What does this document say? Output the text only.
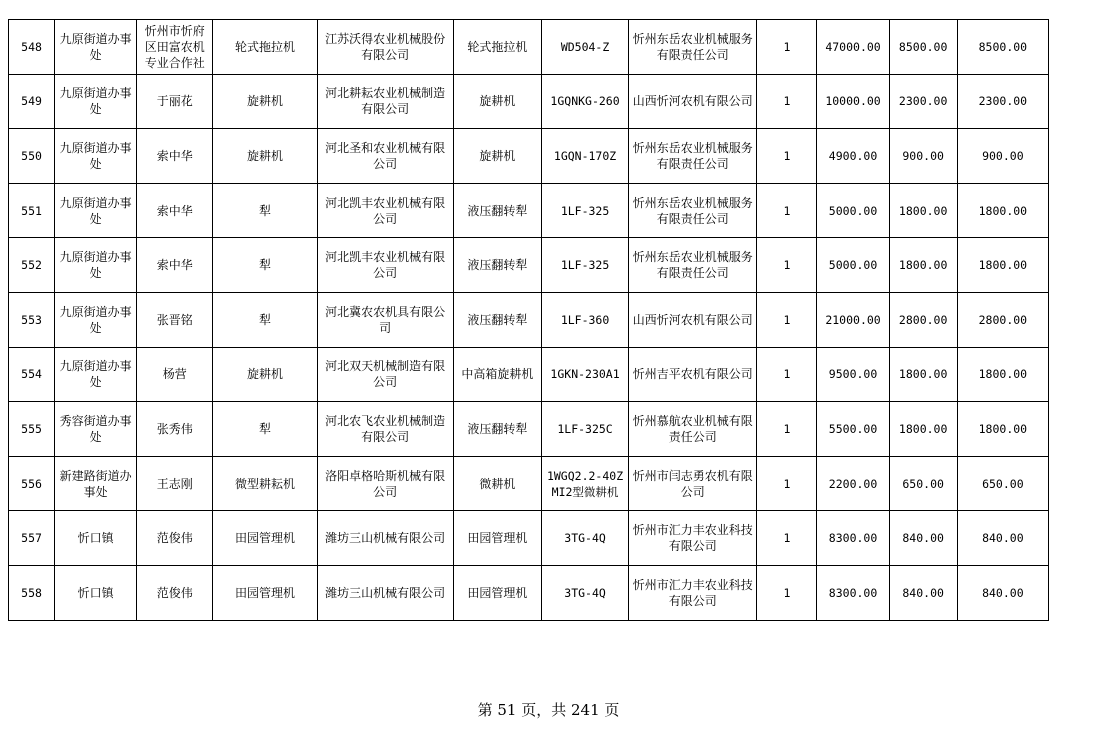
548	九原街道办事处	忻州市忻府区田富农机专业合作社	轮式拖拉机	江苏沃得农业机械股份有限公司	轮式拖拉机	WD504-Z	忻州东岳农业机械服务有限责任公司	1	47000.00	8500.00	8500.00
549	九原街道办事处	于丽花	旋耕机	河北耕耘农业机械制造有限公司	旋耕机	1GQNKG-260	山西忻河农机有限公司	1	10000.00	2300.00	2300.00
550	九原街道办事处	索中华	旋耕机	河北圣和农业机械有限公司	旋耕机	1GQN-170Z	忻州东岳农业机械服务有限责任公司	1	4900.00	900.00	900.00
551	九原街道办事处	索中华	犁	河北凯丰农业机械有限公司	液压翻转犁	1LF-325	忻州东岳农业机械服务有限责任公司	1	5000.00	1800.00	1800.00
552	九原街道办事处	索中华	犁	河北凯丰农业机械有限公司	液压翻转犁	1LF-325	忻州东岳农业机械服务有限责任公司	1	5000.00	1800.00	1800.00
553	九原街道办事处	张晋铭	犁	河北冀农农机具有限公司	液压翻转犁	1LF-360	山西忻河农机有限公司	1	21000.00	2800.00	2800.00
554	九原街道办事处	杨营	旋耕机	河北双天机械制造有限公司	中高箱旋耕机	1GKN-230A1	忻州吉平农机有限公司	1	9500.00	1800.00	1800.00
555	秀容街道办事处	张秀伟	犁	河北农飞农业机械制造有限公司	液压翻转犁	1LF-325C	忻州慕航农业机械有限责任公司	1	5500.00	1800.00	1800.00
556	新建路街道办事处	王志刚	微型耕耘机	洛阳卓格哈斯机械有限公司	微耕机	1WGQ2.2-40ZMI2型微耕机	忻州市闫志勇农机有限公司	1	2200.00	650.00	650.00
557	忻口镇	范俊伟	田园管理机	潍坊三山机械有限公司	田园管理机	3TG-4Q	忻州市汇力丰农业科技有限公司	1	8300.00	840.00	840.00
558	忻口镇	范俊伟	田园管理机	潍坊三山机械有限公司	田园管理机	3TG-4Q	忻州市汇力丰农业科技有限公司	1	8300.00	840.00	840.00
第 51 页，共 241 页
